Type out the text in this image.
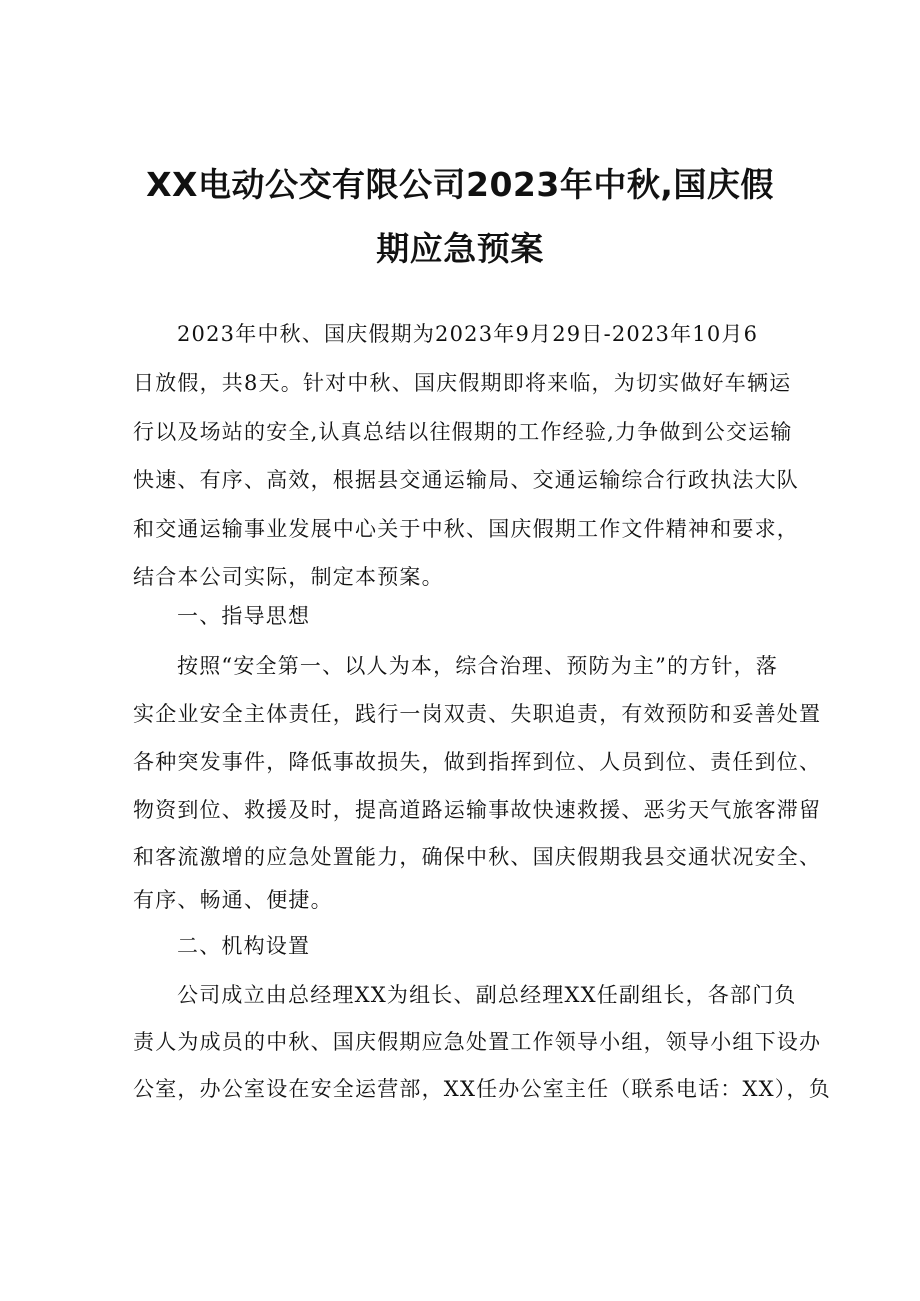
XX电动公交有限公司2023年中秋,国庆假
期应急预案

2023年中秋、国庆假期为2023年9月29日-2023年10月6

日放假，共8天。针对中秋、国庆假期即将来临，为切实做好车辆运

行以及场站的安全,认真总结以往假期的工作经验,力争做到公交运输

快速、有序、高效，根据县交通运输局、交通运输综合行政执法大队

和交通运输事业发展中心关于中秋、国庆假期工作文件精神和要求，

结合本公司实际，制定本预案。

一、指导思想

按照“安全第一、以人为本，综合治理、预防为主”的方针，落

实企业安全主体责任，践行一岗双责、失职追责，有效预防和妥善处置

各种突发事件，降低事故损失，做到指挥到位、人员到位、责任到位、

物资到位、救援及时，提高道路运输事故快速救援、恶劣天气旅客滞留

和客流激增的应急处置能力，确保中秋、国庆假期我县交通状况安全、

有序、畅通、便捷。

二、机构设置

公司成立由总经理XX为组长、副总经理XX任副组长，各部门负

责人为成员的中秋、国庆假期应急处置工作领导小组，领导小组下设办

公室，办公室设在安全运营部，XX任办公室主任（联系电话：XX），负
